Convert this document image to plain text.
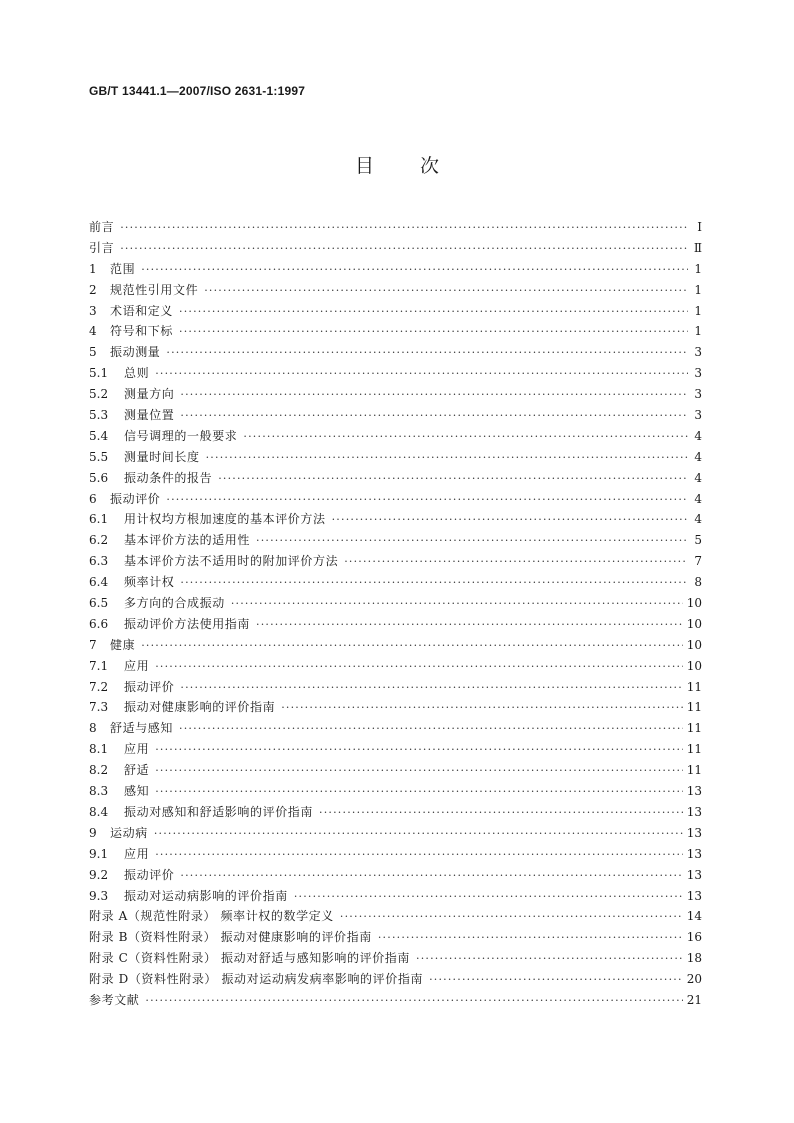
GB/T 13441.1—2007/ISO 2631-1:1997
目次
前言 ·····	Ⅰ
引言 ·····	Ⅱ
1	范围 ·····	1
2	规范性引用文件 ·····	1
3	术语和定义 ·····	1
4	符号和下标 ·····	1
5	振动测量 ·····	3
5.1	总则 ·····	3
5.2	测量方向 ·····	3
5.3	测量位置 ·····	3
5.4	信号调理的一般要求 ·····	4
5.5	测量时间长度 ·····	4
5.6	振动条件的报告 ·····	4
6	振动评价 ·····	4
6.1	用计权均方根加速度的基本评价方法 ·····	4
6.2	基本评价方法的适用性 ·····	5
6.3	基本评价方法不适用时的附加评价方法 ·····	7
6.4	频率计权 ·····	8
6.5	多方向的合成振动 ·····	10
6.6	振动评价方法使用指南 ·····	10
7	健康 ·····	10
7.1	应用 ·····	10
7.2	振动评价 ·····	11
7.3	振动对健康影响的评价指南 ·····	11
8	舒适与感知 ·····	11
8.1	应用 ·····	11
8.2	舒适 ·····	11
8.3	感知 ·····	13
8.4	振动对感知和舒适影响的评价指南 ·····	13
9	运动病 ·····	13
9.1	应用 ·····	13
9.2	振动评价 ·····	13
9.3	振动对运动病影响的评价指南 ·····	13
附录 A（规范性附录） 频率计权的数学定义 ·····	14
附录 B（资料性附录） 振动对健康影响的评价指南 ·····	16
附录 C（资料性附录） 振动对舒适与感知影响的评价指南 ·····	18
附录 D（资料性附录） 振动对运动病发病率影响的评价指南 ·····	20
参考文献 ·····	21
